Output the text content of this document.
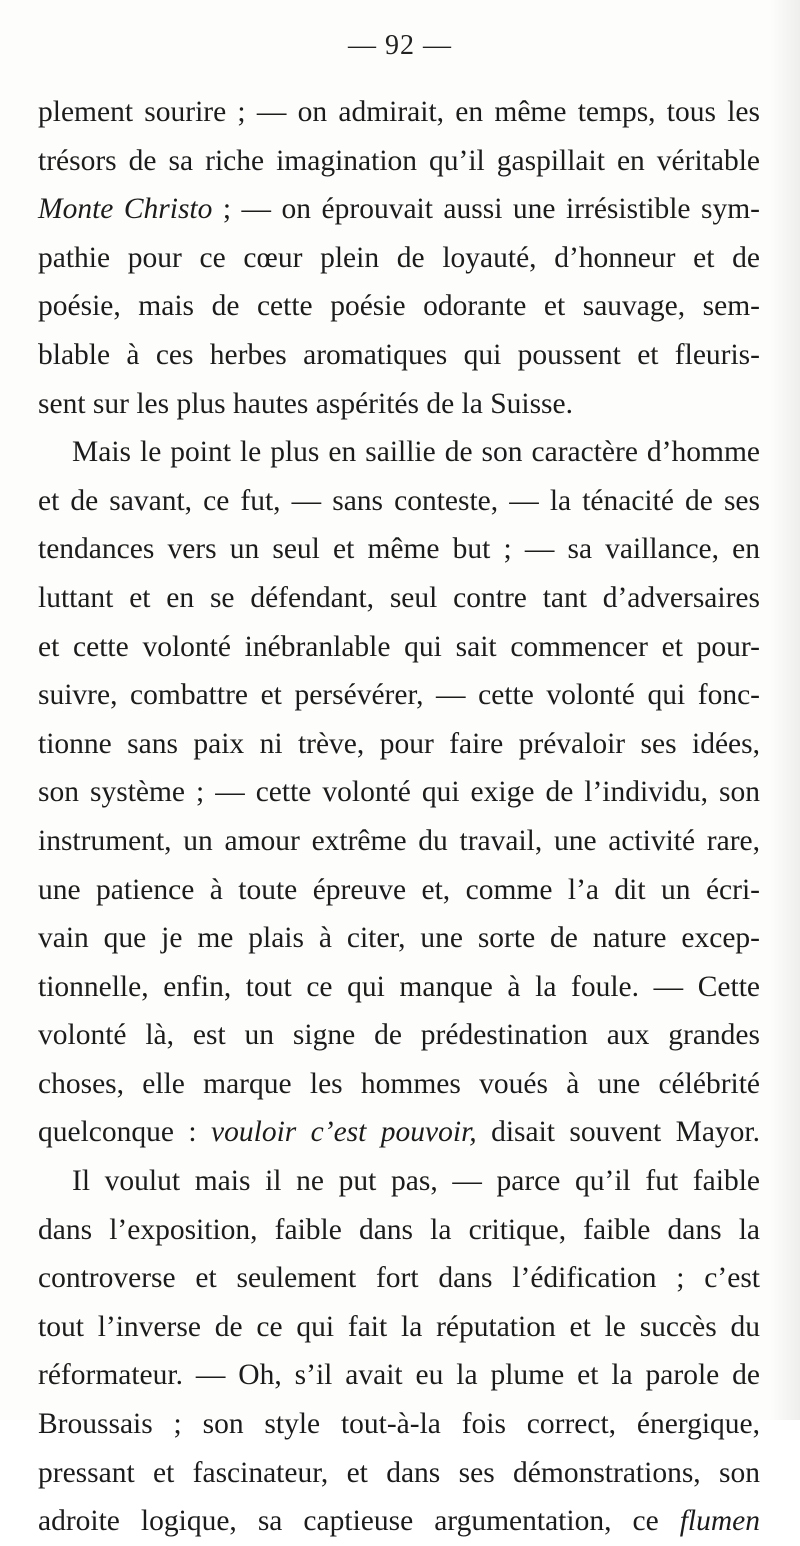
— 92 —
plement sourire ; — on admirait, en même temps, tous les
trésors de sa riche imagination qu’il gaspillait en véritable
Monte Christo ; — on éprouvait aussi une irrésistible sym-
pathie pour ce cœur plein de loyauté, d’honneur et de
poésie, mais de cette poésie odorante et sauvage, sem-
blable à ces herbes aromatiques qui poussent et fleuris-
sent sur les plus hautes aspérités de la Suisse.
Mais le point le plus en saillie de son caractère d’homme
et de savant, ce fut, — sans conteste, — la ténacité de ses
tendances vers un seul et même but ; — sa vaillance, en
luttant et en se défendant, seul contre tant d’adversaires
et cette volonté inébranlable qui sait commencer et pour-
suivre, combattre et persévérer, — cette volonté qui fonc-
tionne sans paix ni trève, pour faire prévaloir ses idées,
son système ; — cette volonté qui exige de l’individu, son
instrument, un amour extrême du travail, une activité rare,
une patience à toute épreuve et, comme l’a dit un écri-
vain que je me plais à citer, une sorte de nature excep-
tionnelle, enfin, tout ce qui manque à la foule. — Cette
volonté là, est un signe de prédestination aux grandes
choses, elle marque les hommes voués à une célébrité
quelconque : vouloir c’est pouvoir, disait souvent Mayor.
Il voulut mais il ne put pas, — parce qu’il fut faible
dans l’exposition, faible dans la critique, faible dans la
controverse et seulement fort dans l’édification ; c’est
tout l’inverse de ce qui fait la réputation et le succès du
réformateur. — Oh, s’il avait eu la plume et la parole de
Broussais ; son style tout-à-la fois correct, énergique,
pressant et fascinateur, et dans ses démonstrations, son
adroite logique, sa captieuse argumentation, ce flumen
